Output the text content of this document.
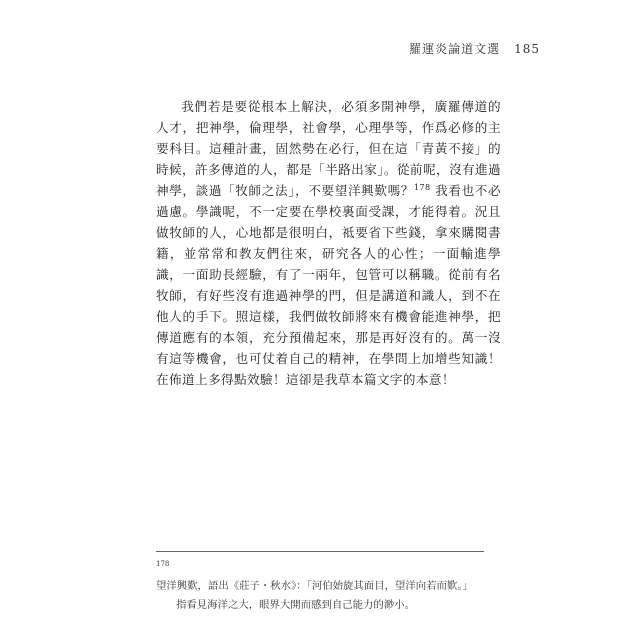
羅運炎論道文選 185

我們若是要從根本上解決，必須多開神學，廣羅傳道的人才，把神學，倫理學，社會學，心理學等，作爲必修的主要科目。這種計畫，固然勢在必行，但在這「青黃不接」的時候，許多傳道的人，都是「半路出家」。從前呢，沒有進過神學，談過「牧師之法」，不要望洋興歎嗎？$^{178}$ 我看也不必過慮。學識呢，不一定要在學校裏面受課，才能得着。況且做牧師的人，心地都是很明白，祗要省下些錢，拿來購閱書籍，並常常和教友們往來，研究各人的心性；一面輸進學識，一面助長經驗，有了一兩年，包管可以稱職。從前有名牧師，有好些沒有進過神學的門，但是講道和識人，到不在他人的手下。照這樣，我們做牧師將來有機會能進神學，把傳道應有的本領，充分預備起來，那是再好沒有的。萬一沒有這等機會，也可仗着自己的精神，在學問上加增些知識！在佈道上多得點效驗！這卻是我草本篇文字的本意！

$^{178}$望洋興歎，語出《莊子・秋水》：「河伯始旋其面目，望洋向若而歎。」
指看見海洋之大，眼界大開而感到自己能力的渺小。
